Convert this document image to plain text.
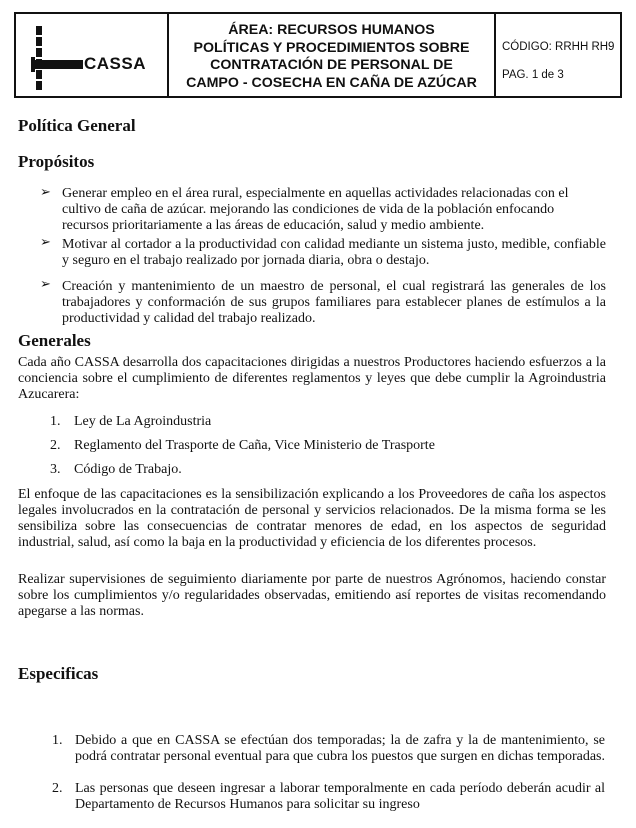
CASSA
ÁREA: RECURSOS HUMANOS
POLÍTICAS Y PROCEDIMIENTOS SOBRE
CONTRATACIÓN DE PERSONAL DE
CAMPO - COSECHA EN CAÑA DE AZÚCAR
CÓDIGO: RRHH RH9
PAG. 1 de 3
Política General
Propósitos
➢ Generar empleo en el área rural, especialmente en aquellas actividades relacionadas con el cultivo de caña de azúcar. mejorando las condiciones de vida de la población enfocando recursos prioritariamente a las áreas de educación, salud y medio ambiente.

➢ Motivar al cortador a la productividad con calidad mediante un sistema justo, medible, confiable y seguro en el trabajo realizado por jornada diaria, obra o destajo.

➢ Creación y mantenimiento de un maestro de personal, el cual registrará las generales de los trabajadores y conformación de sus grupos familiares para establecer planes de estímulos a la productividad y calidad del trabajo realizado.

Generales

Cada año CASSA desarrolla dos capacitaciones dirigidas a nuestros Productores haciendo esfuerzos a la conciencia sobre el cumplimiento de diferentes reglamentos y leyes que debe cumplir la Agroindustria Azucarera:

1. Ley de La Agroindustria

2. Reglamento del Trasporte de Caña, Vice Ministerio de Trasporte

3. Código de Trabajo.

El enfoque de las capacitaciones es la sensibilización explicando a los Proveedores de caña los aspectos legales involucrados en la contratación de personal y servicios relacionados. De la misma forma se les sensibiliza sobre las consecuencias de contratar menores de edad, en los aspectos de seguridad industrial, salud, así como la baja en la productividad y eficiencia de los diferentes procesos.

Realizar supervisiones de seguimiento diariamente por parte de nuestros Agrónomos, haciendo constar sobre los cumplimientos y/o regularidades observadas, emitiendo así reportes de visitas recomendando apegarse a las normas.

Especificas
1. Debido a que en CASSA se efectúan dos temporadas; la de zafra y la de mantenimiento, se podrá contratar personal eventual para que cubra los puestos que surgen en dichas temporadas.

2. Las personas que deseen ingresar a laborar temporalmente en cada período deberán acudir al Departamento de Recursos Humanos para solicitar su ingreso
